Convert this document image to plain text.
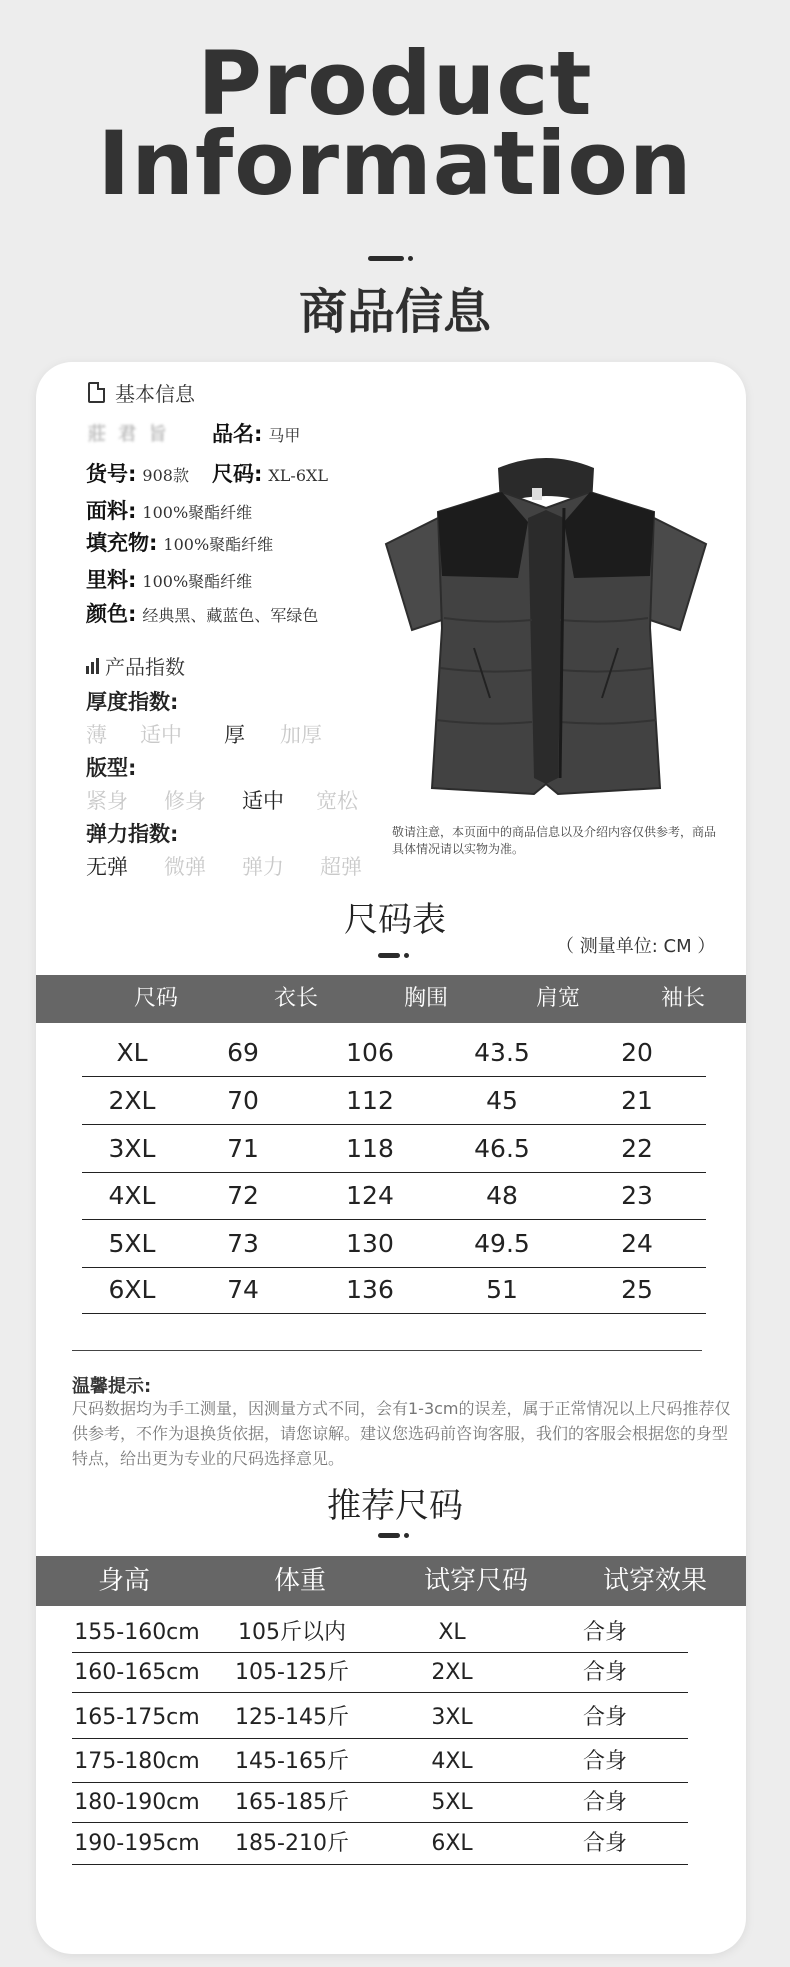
Product
Information
商品信息
基本信息
莊 君 旨 品名: 马甲
货号: 908款 尺码: XL-6XL
面料: 100%聚酯纤维
填充物: 100%聚酯纤维
里料: 100%聚酯纤维
颜色: 经典黑、藏蓝色、军绿色
产品指数
厚度指数:
薄	适中	厚	加厚
版型:
紧身	修身	适中	宽松
弹力指数:
无弹	微弹	弹力	超弹
敬请注意，本页面中的商品信息以及介绍内容仅供参考，商品具体情况请以实物为准。
尺码表
（ 测量单位: CM ）
尺码	衣长	胸围	肩宽	袖长
XL	69	106	43.5	20
2XL	70	112	45	21
3XL	71	118	46.5	22
4XL	72	124	48	23
5XL	73	130	49.5	24
6XL	74	136	51	25
温馨提示:
尺码数据均为手工测量，因测量方式不同，会有1-3cm的误差，属于正常情况以上尺码推荐仅供参考，不作为退换货依据，请您谅解。建议您选码前咨询客服，我们的客服会根据您的身型特点，给出更为专业的尺码选择意见。
推荐尺码
身高	体重	试穿尺码	试穿效果
155-160cm	105斤以内	XL	合身
160-165cm	105-125斤	2XL	合身
165-175cm	125-145斤	3XL	合身
175-180cm	145-165斤	4XL	合身
180-190cm	165-185斤	5XL	合身
190-195cm	185-210斤	6XL	合身
